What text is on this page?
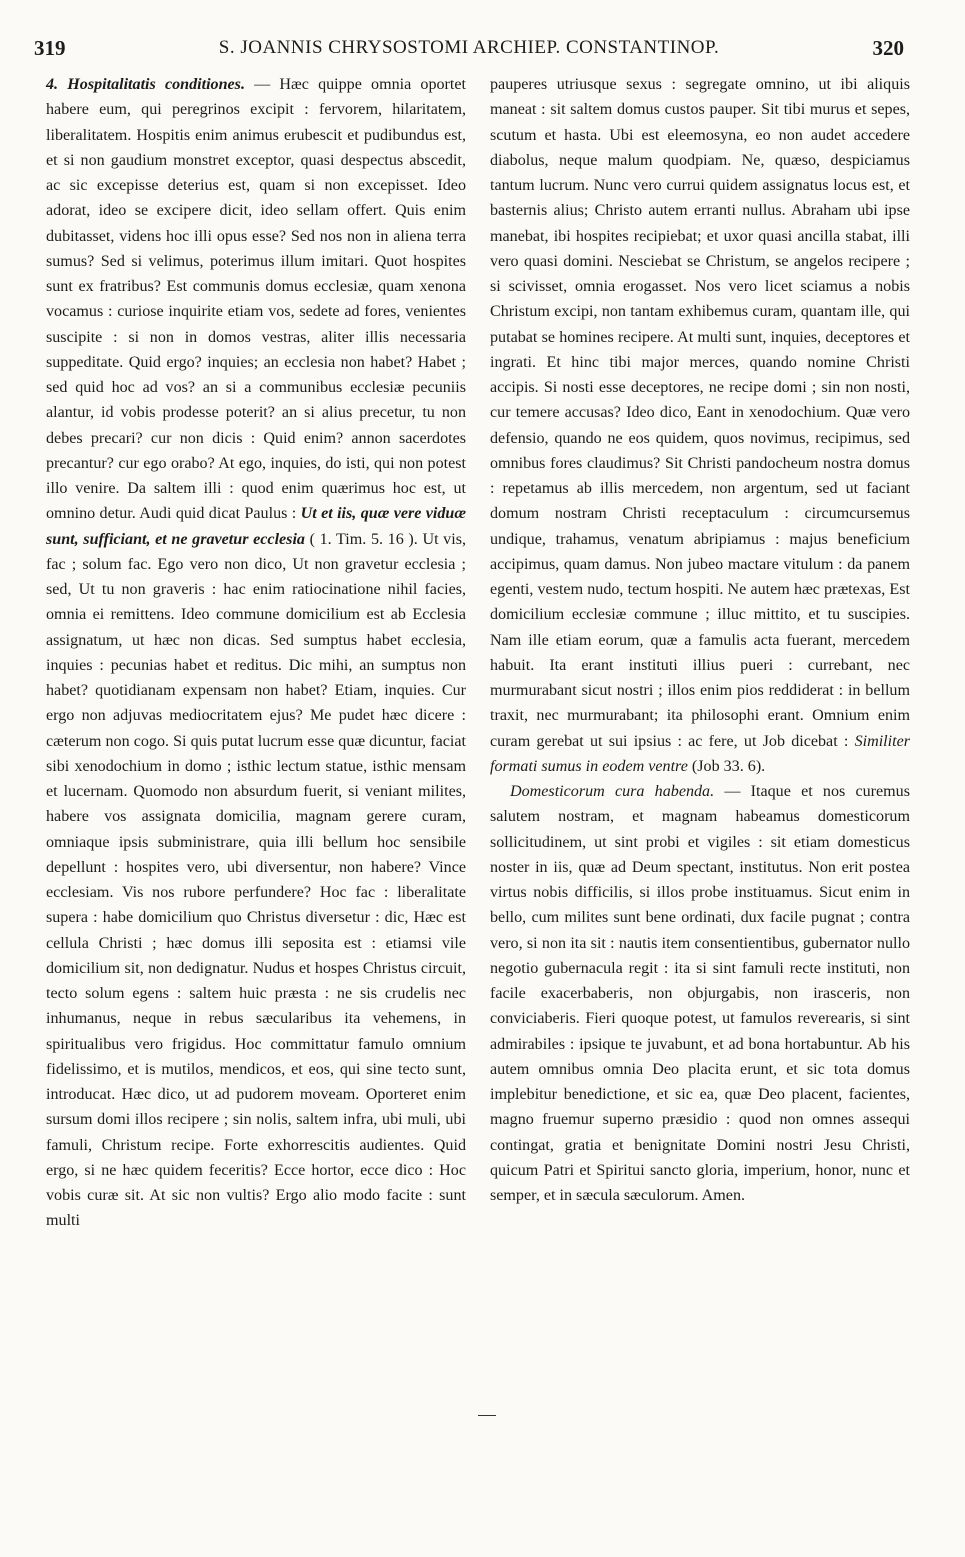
319	S. JOANNIS CHRYSOSTOMI ARCHIEP. CONSTANTINOP.	320

4. Hospitalitatis conditiones. — Hæc quippe omnia oportet habere eum, qui peregrinos excipit : fervorem, hilaritatem, liberalitatem. Hospitis enim animus erubescit et pudibundus est, et si non gaudium monstret exceptor, quasi despectus abscedit, ac sic excepisse deterius est, quam si non excepisset. Ideo adorat, ideo se excipere dicit, ideo sellam offert. Quis enim dubitasset, videns hoc illi opus esse? Sed nos non in aliena terra sumus? Sed si velimus, poterimus illum imitari. Quot hospites sunt ex fratribus? Est communis domus ecclesiæ, quam xenona vocamus : curiose inquirite etiam vos, sedete ad fores, venientes suscipite : si non in domos vestras, aliter illis necessaria suppeditate. Quid ergo? inquies; an ecclesia non habet? Habet ; sed quid hoc ad vos? an si a communibus ecclesiæ pecuniis alantur, id vobis prodesse poterit? an si alius precetur, tu non debes precari? cur non dicis : Quid enim? annon sacerdotes precantur? cur ego orabo? At ego, inquies, do isti, qui non potest illo venire. Da saltem illi : quod enim quærimus hoc est, ut omnino detur. Audi quid dicat Paulus : Ut et iis, quæ vere viduæ sunt, sufficiant, et ne gravetur ecclesia ( 1. Tim. 5. 16 ). Ut vis, fac ; solum fac. Ego vero non dico, Ut non gravetur ecclesia ; sed, Ut tu non graveris : hac enim ratiocinatione nihil facies, omnia ei remittens. Ideo commune domicilium est ab Ecclesia assignatum, ut hæc non dicas. Sed sumptus habet ecclesia, inquies : pecunias habet et reditus. Dic mihi, an sumptus non habet? quotidianam expensam non habet? Etiam, inquies. Cur ergo non adjuvas mediocritatem ejus? Me pudet hæc dicere : cæterum non cogo. Si quis putat lucrum esse quæ dicuntur, faciat sibi xenodochium in domo ; isthic lectum statue, isthic mensam et lucernam. Quomodo non absurdum fuerit, si veniant milites, habere vos assignata domicilia, magnam gerere curam, omniaque ipsis subministrare, quia illi bellum hoc sensibile depellunt : hospites vero, ubi diversentur, non habere? Vince ecclesiam. Vis nos rubore perfundere? Hoc fac : liberalitate supera : habe domicilium quo Christus diversetur : dic, Hæc est cellula Christi ; hæc domus illi seposita est : etiamsi vile domicilium sit, non dedignatur. Nudus et hospes Christus circuit, tecto solum egens : saltem huic præsta : ne sis crudelis nec inhumanus, neque in rebus sæcularibus ita vehemens, in spiritualibus vero frigidus. Hoc committatur famulo omnium fidelissimo, et is mutilos, mendicos, et eos, qui sine tecto sunt, introducat. Hæc dico, ut ad pudorem moveam. Oporteret enim sursum domi illos recipere ; sin nolis, saltem infra, ubi muli, ubi famuli, Christum recipe. Forte exhorrescitis audientes. Quid ergo, si ne hæc quidem feceritis? Ecce hortor, ecce dico : Hoc vobis curæ sit. At sic non vultis? Ergo alio modo facite : sunt multi

pauperes utriusque sexus : segregate omnino, ut ibi aliquis maneat : sit saltem domus custos pauper. Sit tibi murus et sepes, scutum et hasta. Ubi est eleemosyna, eo non audet accedere diabolus, neque malum quodpiam. Ne, quæso, despiciamus tantum lucrum. Nunc vero currui quidem assignatus locus est, et basternis alius; Christo autem erranti nullus. Abraham ubi ipse manebat, ibi hospites recipiebat; et uxor quasi ancilla stabat, illi vero quasi domini. Nesciebat se Christum, se angelos recipere ; si scivisset, omnia erogasset. Nos vero licet sciamus a nobis Christum excipi, non tantam exhibemus curam, quantam ille, qui putabat se homines recipere. At multi sunt, inquies, deceptores et ingrati. Et hinc tibi major merces, quando nomine Christi accipis. Si nosti esse deceptores, ne recipe domi ; sin non nosti, cur temere accusas? Ideo dico, Eant in xenodochium. Quæ vero defensio, quando ne eos quidem, quos novimus, recipimus, sed omnibus fores claudimus? Sit Christi pandocheum nostra domus : repetamus ab illis mercedem, non argentum, sed ut faciant domum nostram Christi receptaculum : circumcursemus undique, trahamus, venatum abripiamus : majus beneficium accipimus, quam damus. Non jubeo mactare vitulum : da panem egenti, vestem nudo, tectum hospiti. Ne autem hæc prætexas, Est domicilium ecclesiæ commune ; illuc mittito, et tu suscipies. Nam ille etiam eorum, quæ a famulis acta fuerant, mercedem habuit. Ita erant instituti illius pueri : currebant, nec murmurabant sicut nostri ; illos enim pios reddiderat : in bellum traxit, nec murmurabant; ita philosophi erant. Omnium enim curam gerebat ut sui ipsius : ac fere, ut Job dicebat : Similiter formati sumus in eodem ventre (Job 33. 6).

Domesticorum cura habenda. — Itaque et nos curemus salutem nostram, et magnam habeamus domesticorum sollicitudinem, ut sint probi et vigiles : sit etiam domesticus noster in iis, quæ ad Deum spectant, institutus. Non erit postea virtus nobis difficilis, si illos probe instituamus. Sicut enim in bello, cum milites sunt bene ordinati, dux facile pugnat ; contra vero, si non ita sit : nautis item consentientibus, gubernator nullo negotio gubernacula regit : ita si sint famuli recte instituti, non facile exacerbaberis, non objurgabis, non irasceris, non conviciaberis. Fieri quoque potest, ut famulos reverearis, si sint admirabiles : ipsique te juvabunt, et ad bona hortabuntur. Ab his autem omnibus omnia Deo placita erunt, et sic tota domus implebitur benedictione, et sic ea, quæ Deo placent, facientes, magno fruemur superno præsidio : quod non omnes assequi contingat, gratia et benignitate Domini nostri Jesu Christi, quicum Patri et Spiritui sancto gloria, imperium, honor, nunc et semper, et in sæcula sæculorum. Amen.
